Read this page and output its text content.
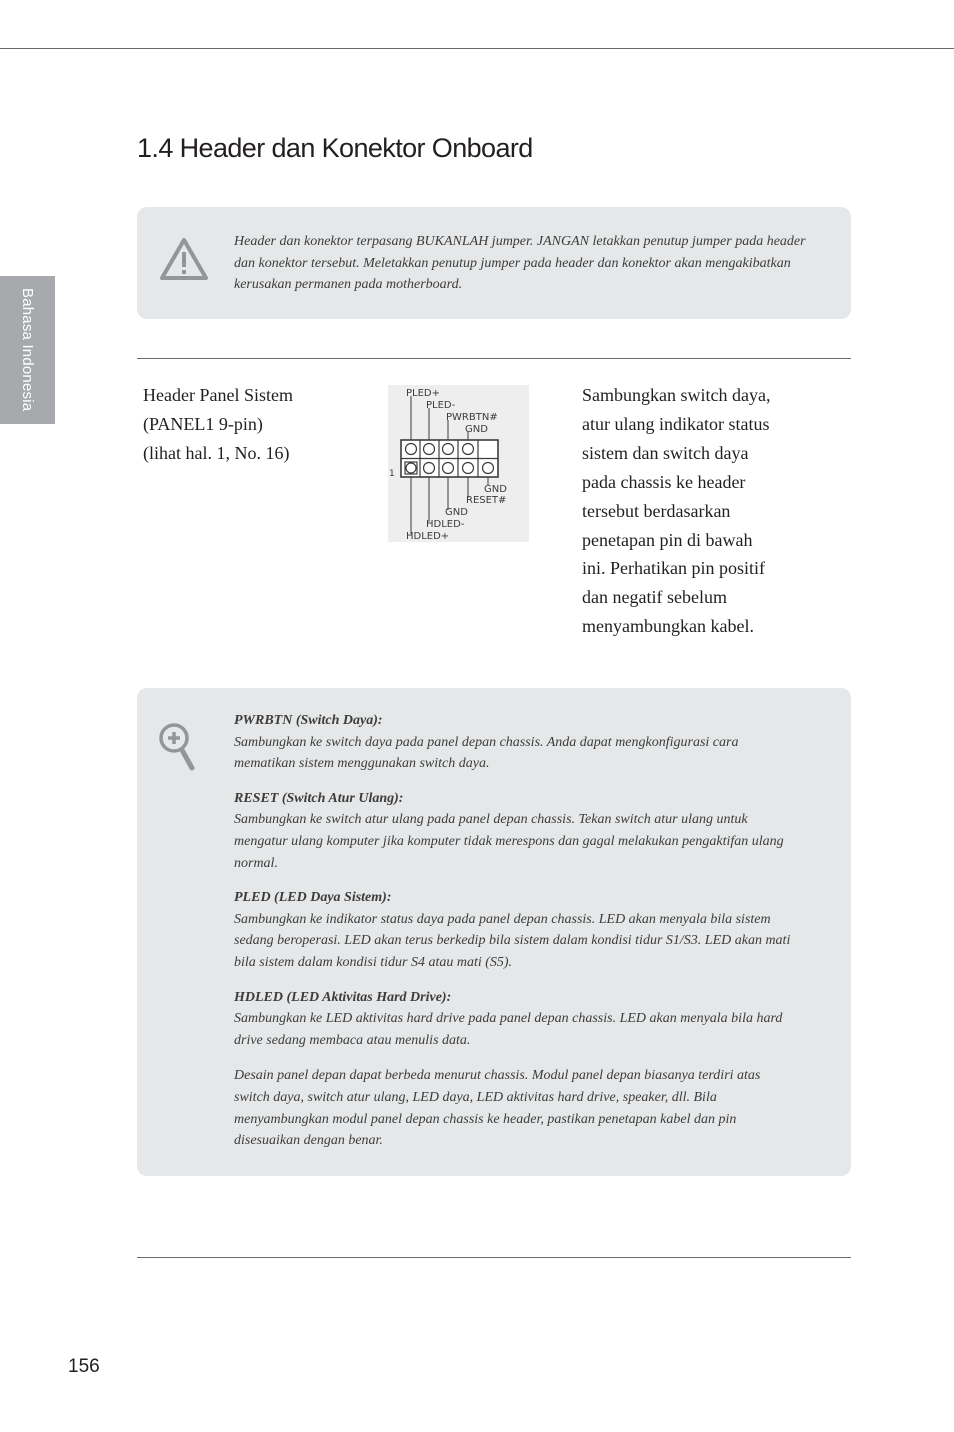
Bahasa Indonesia
1.4 Header dan Konektor Onboard
Header dan konektor terpasang BUKANLAH jumper. JANGAN letakkan penutup jumper pada header dan konektor tersebut. Meletakkan penutup jumper pada header dan konektor akan mengakibatkan kerusakan permanen pada motherboard.
Header Panel Sistem
(PANEL1 9-pin)
(lihat hal. 1, No. 16)
PLED+
PLED-
PWRBTN#
GND
GND
RESET#
GND
HDLED-
HDLED+
1
Sambungkan switch daya,
atur ulang indikator status
sistem dan switch daya
pada chassis ke header
tersebut berdasarkan
penetapan pin di bawah
ini. Perhatikan pin positif
dan negatif sebelum
menyambungkan kabel.
PWRBTN (Switch Daya):
Sambungkan ke switch daya pada panel depan chassis. Anda dapat mengkonfigurasi cara mematikan sistem menggunakan switch daya.
RESET (Switch Atur Ulang):
Sambungkan ke switch atur ulang pada panel depan chassis. Tekan switch atur ulang untuk mengatur ulang komputer jika komputer tidak merespons dan gagal melakukan pengaktifan ulang normal.
PLED (LED Daya Sistem):
Sambungkan ke indikator status daya pada panel depan chassis. LED akan menyala bila sistem sedang beroperasi. LED akan terus berkedip bila sistem dalam kondisi tidur S1/S3. LED akan mati bila sistem dalam kondisi tidur S4 atau mati (S5).
HDLED (LED Aktivitas Hard Drive):
Sambungkan ke LED aktivitas hard drive pada panel depan chassis. LED akan menyala bila hard drive sedang membaca atau menulis data.
Desain panel depan dapat berbeda menurut chassis. Modul panel depan biasanya terdiri atas switch daya, switch atur ulang, LED daya, LED aktivitas hard drive, speaker, dll. Bila menyambungkan modul panel depan chassis ke header, pastikan penetapan kabel dan pin disesuaikan dengan benar.
156
